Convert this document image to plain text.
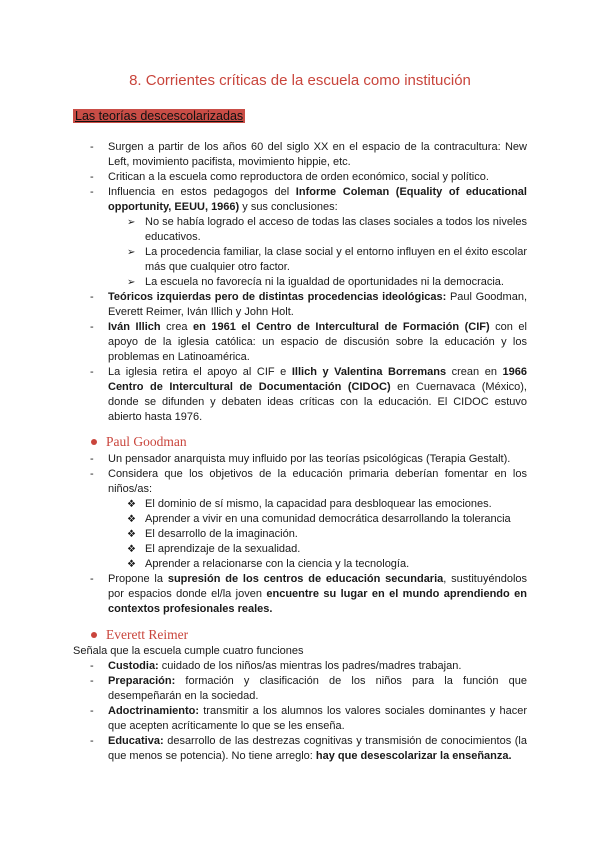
8. Corrientes críticas de la escuela como institución
Las teorías descescolarizadas
- Surgen a partir de los años 60 del siglo XX en el espacio de la contracultura: New Left, movimiento pacifista, movimiento hippie, etc.
- Critican a la escuela como reproductora de orden económico, social y político.
- Influencia en estos pedagogos del Informe Coleman (Equality of educational opportunity, EEUU, 1966) y sus conclusiones:
➢ No se había logrado el acceso de todas las clases sociales a todos los niveles educativos.
➢ La procedencia familiar, la clase social y el entorno influyen en el éxito escolar más que cualquier otro factor.
➢ La escuela no favorecía ni la igualdad de oportunidades ni la democracia.
- Teóricos izquierdas pero de distintas procedencias ideológicas: Paul Goodman, Everett Reimer, Iván Illich y John Holt.
- Iván Illich crea en 1961 el Centro de Intercultural de Formación (CIF) con el apoyo de la iglesia católica: un espacio de discusión sobre la educación y los problemas en Latinoamérica.
- La iglesia retira el apoyo al CIF e Illich y Valentina Borremans crean en 1966 Centro de Intercultural de Documentación (CIDOC) en Cuernavaca (México), donde se difunden y debaten ideas críticas con la educación. El CIDOC estuvo abierto hasta 1976.
Paul Goodman
- Un pensador anarquista muy influido por las teorías psicológicas (Terapia Gestalt).
- Considera que los objetivos de la educación primaria deberían fomentar en los niños/as:
❖ El dominio de sí mismo, la capacidad para desbloquear las emociones.
❖ Aprender a vivir en una comunidad democrática desarrollando la tolerancia
❖ El desarrollo de la imaginación.
❖ El aprendizaje de la sexualidad.
❖ Aprender a relacionarse con la ciencia y la tecnología.
- Propone la supresión de los centros de educación secundaria, sustituyéndolos por espacios donde el/la joven encuentre su lugar en el mundo aprendiendo en contextos profesionales reales.
Everett Reimer
Señala que la escuela cumple cuatro funciones
- Custodia: cuidado de los niños/as mientras los padres/madres trabajan.
- Preparación: formación y clasificación de los niños para la función que desempeñarán en la sociedad.
- Adoctrinamiento: transmitir a los alumnos los valores sociales dominantes y hacer que acepten acríticamente lo que se les enseña.
- Educativa: desarrollo de las destrezas cognitivas y transmisión de conocimientos (la que menos se potencia). No tiene arreglo: hay que desescolarizar la enseñanza.
